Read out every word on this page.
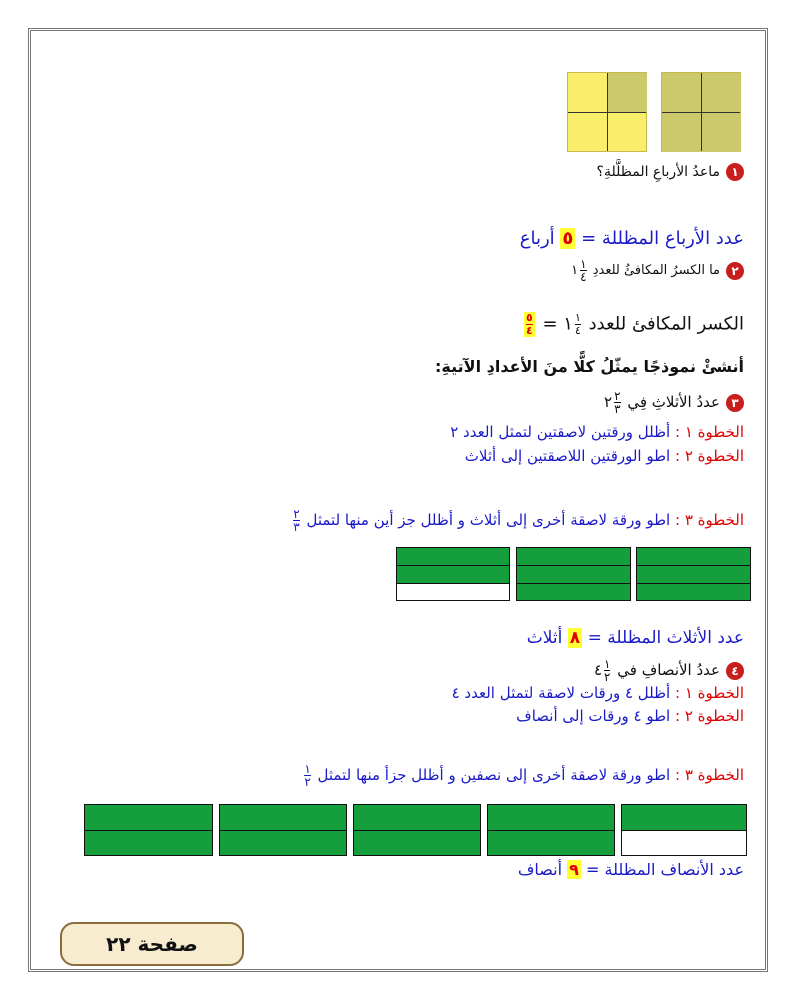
١ماعدُ الأرباعِ المظلَّلةِ؟
عدد الأرباع المظللة = ٥ أرباع
٢ما الكسرُ المكافئُ للعددِ
$\frac{١}{٤}$
١
الكسر المكافئ للعدد
$\frac{١}{٤}$
١ =
$\frac{٥}{٤}$
أنشئْ نموذجًا يمثّلُ كلًّا منَ الأعدادِ الآتيةِ:
٣عددُ الأثلاثِ فِي
$\frac{٢}{٣}$
٢
الخطوة ١ : أظلل ورقتين لاصقتين لتمثل العدد ٢
الخطوة ٢ : اطو الورقتين اللاصقتين إلى أثلاث
الخطوة ٣ : اطو ورقة لاصقة أخرى إلى أثلاث و أظلل جز أين منها لتمثل
$\frac{٢}{٣}$
عدد الأثلاث المظللة = ٨ أثلاث
٤عددُ الأنصافِ في
$\frac{١}{٢}$
٤
الخطوة ١ : أظلل ٤ ورقات لاصقة لتمثل العدد ٤
الخطوة ٢ : اطو ٤ ورقات إلى أنصاف
الخطوة ٣ : اطو ورقة لاصقة أخرى إلى نصفين و أظلل جزأ منها لتمثل
$\frac{١}{٢}$
عدد الأنصاف المظللة = ٩ أنصاف
صفحة ٢٢
